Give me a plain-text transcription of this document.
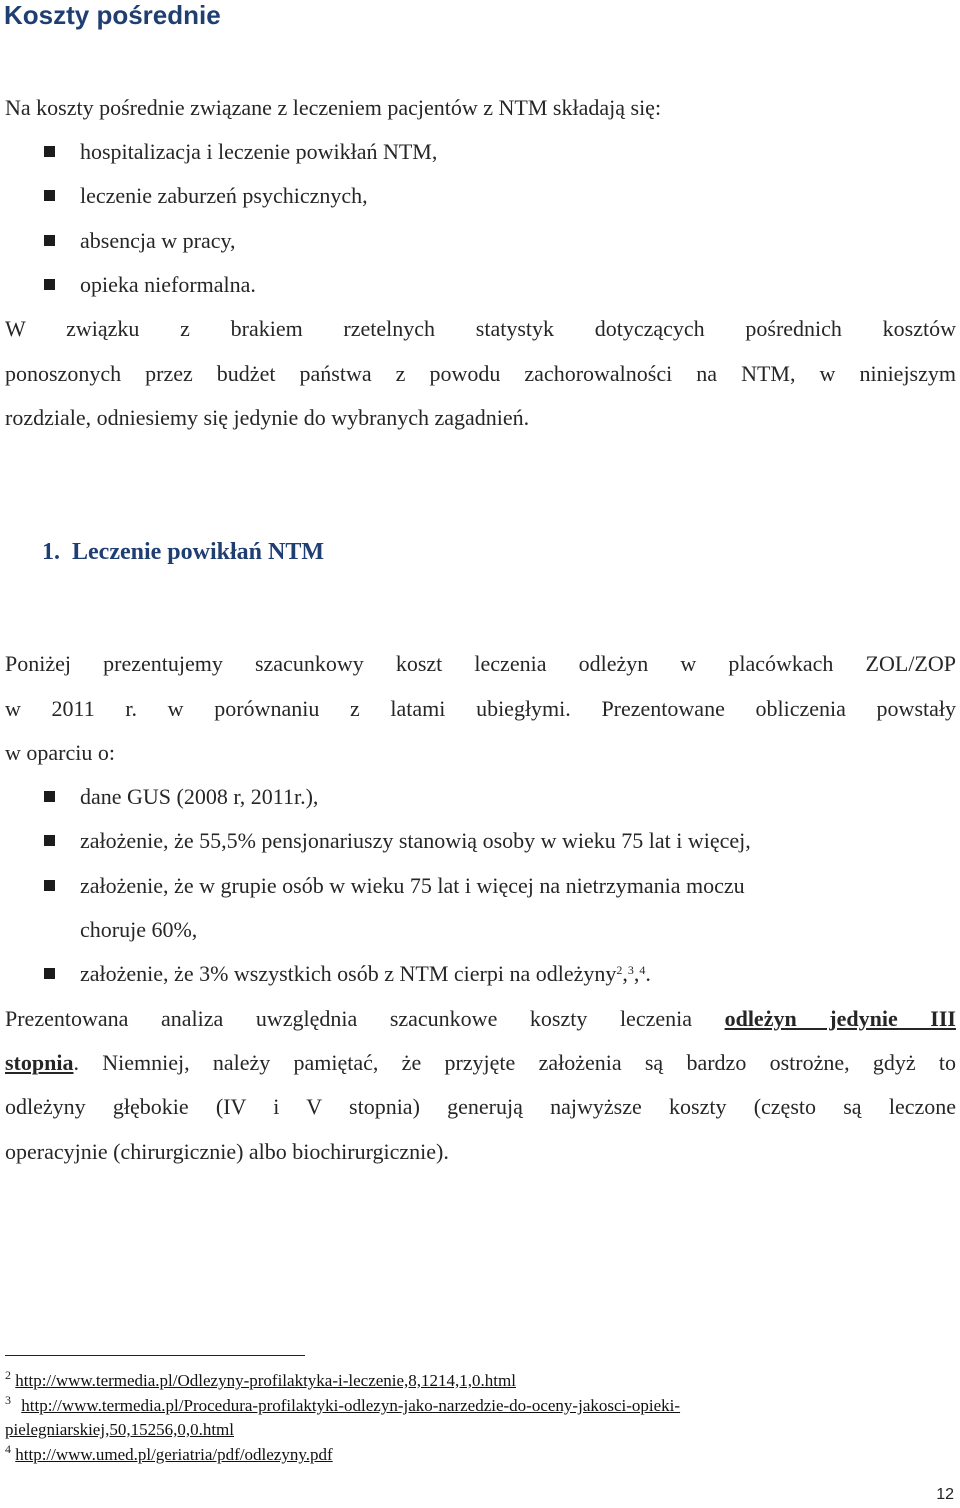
Koszty pośrednie
Na koszty pośrednie związane z leczeniem pacjentów z NTM składają się:
hospitalizacja i leczenie powikłań NTM,
leczenie zaburzeń psychicznych,
absencja w pracy,
opieka nieformalna.
W związku z brakiem rzetelnych statystyk dotyczących pośrednich kosztów
ponoszonych przez budżet państwa z powodu zachorowalności na NTM, w niniejszym
rozdziale, odniesiemy się jedynie do wybranych zagadnień.
1. Leczenie powikłań NTM
Poniżej prezentujemy szacunkowy koszt leczenia odleżyn w placówkach ZOL/ZOP
w 2011 r. w porównaniu z latami ubiegłymi. Prezentowane obliczenia powstały
w oparciu o:
dane GUS (2008 r, 2011r.),
założenie, że 55,5% pensjonariuszy stanowią osoby w wieku 75 lat i więcej,
założenie, że w grupie osób w wieku 75 lat i więcej na nietrzymania moczu
choruje 60%,
założenie, że 3% wszystkich osób z NTM cierpi na odleżyny$^2$,$^3$,$^4$.
Prezentowana analiza uwzględnia szacunkowe koszty leczenia odleżyn jedynie III
stopnia. Niemniej, należy pamiętać, że przyjęte założenia są bardzo ostrożne, gdyż to
odleżyny głębokie (IV i V stopnia) generują najwyższe koszty (często są leczone
operacyjnie (chirurgicznie) albo biochirurgicznie).
$^2$ http://www.termedia.pl/Odlezyny-profilaktyka-i-leczenie,8,1214,1,0.html
$^3$ http://www.termedia.pl/Procedura-profilaktyki-odlezyn-jako-narzedzie-do-oceny-jakosci-opieki-
pielegniarskiej,50,15256,0,0.html
$^4$ http://www.umed.pl/geriatria/pdf/odlezyny.pdf
12
